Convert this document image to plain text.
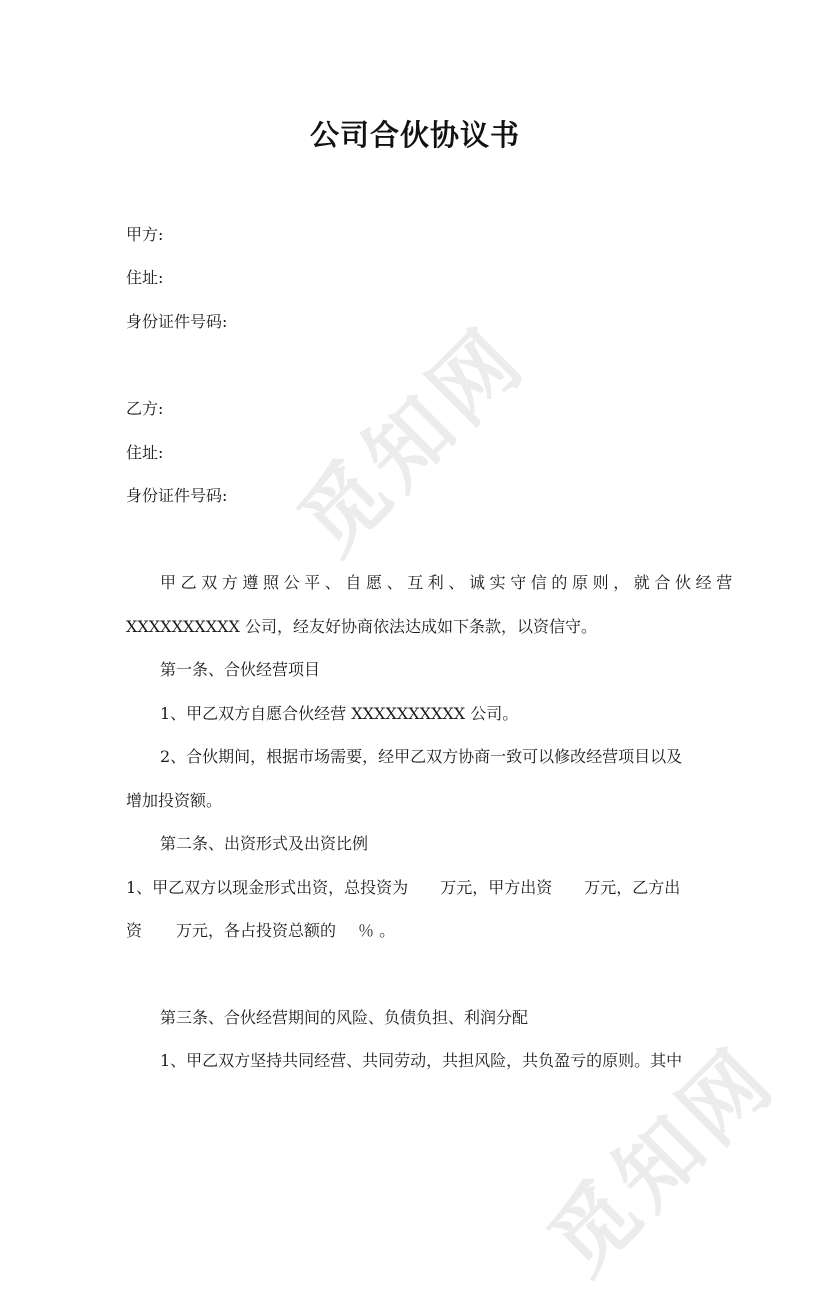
觅知网
觅知网
公司合伙协议书
甲方:
住址:
身份证件号码:
乙方:
住址:
身份证件号码:
甲乙双方遵照公平、自愿、互利、诚实守信的原则，就合伙经营
XXXXXXXXXX 公司，经友好协商依法达成如下条款，以资信守。
第一条、合伙经营项目
1、甲乙双方自愿合伙经营 XXXXXXXXXX 公司。
2、合伙期间，根据市场需要，经甲乙双方协商一致可以修改经营项目以及
增加投资额。
第二条、出资形式及出资比例
1、甲乙双方以现金形式出资，总投资为 万元，甲方出资 万元，乙方出
资 万元，各占投资总额的 ％ 。
第三条、合伙经营期间的风险、负债负担、利润分配
1、甲乙双方坚持共同经营、共同劳动，共担风险，共负盈亏的原则。其中
